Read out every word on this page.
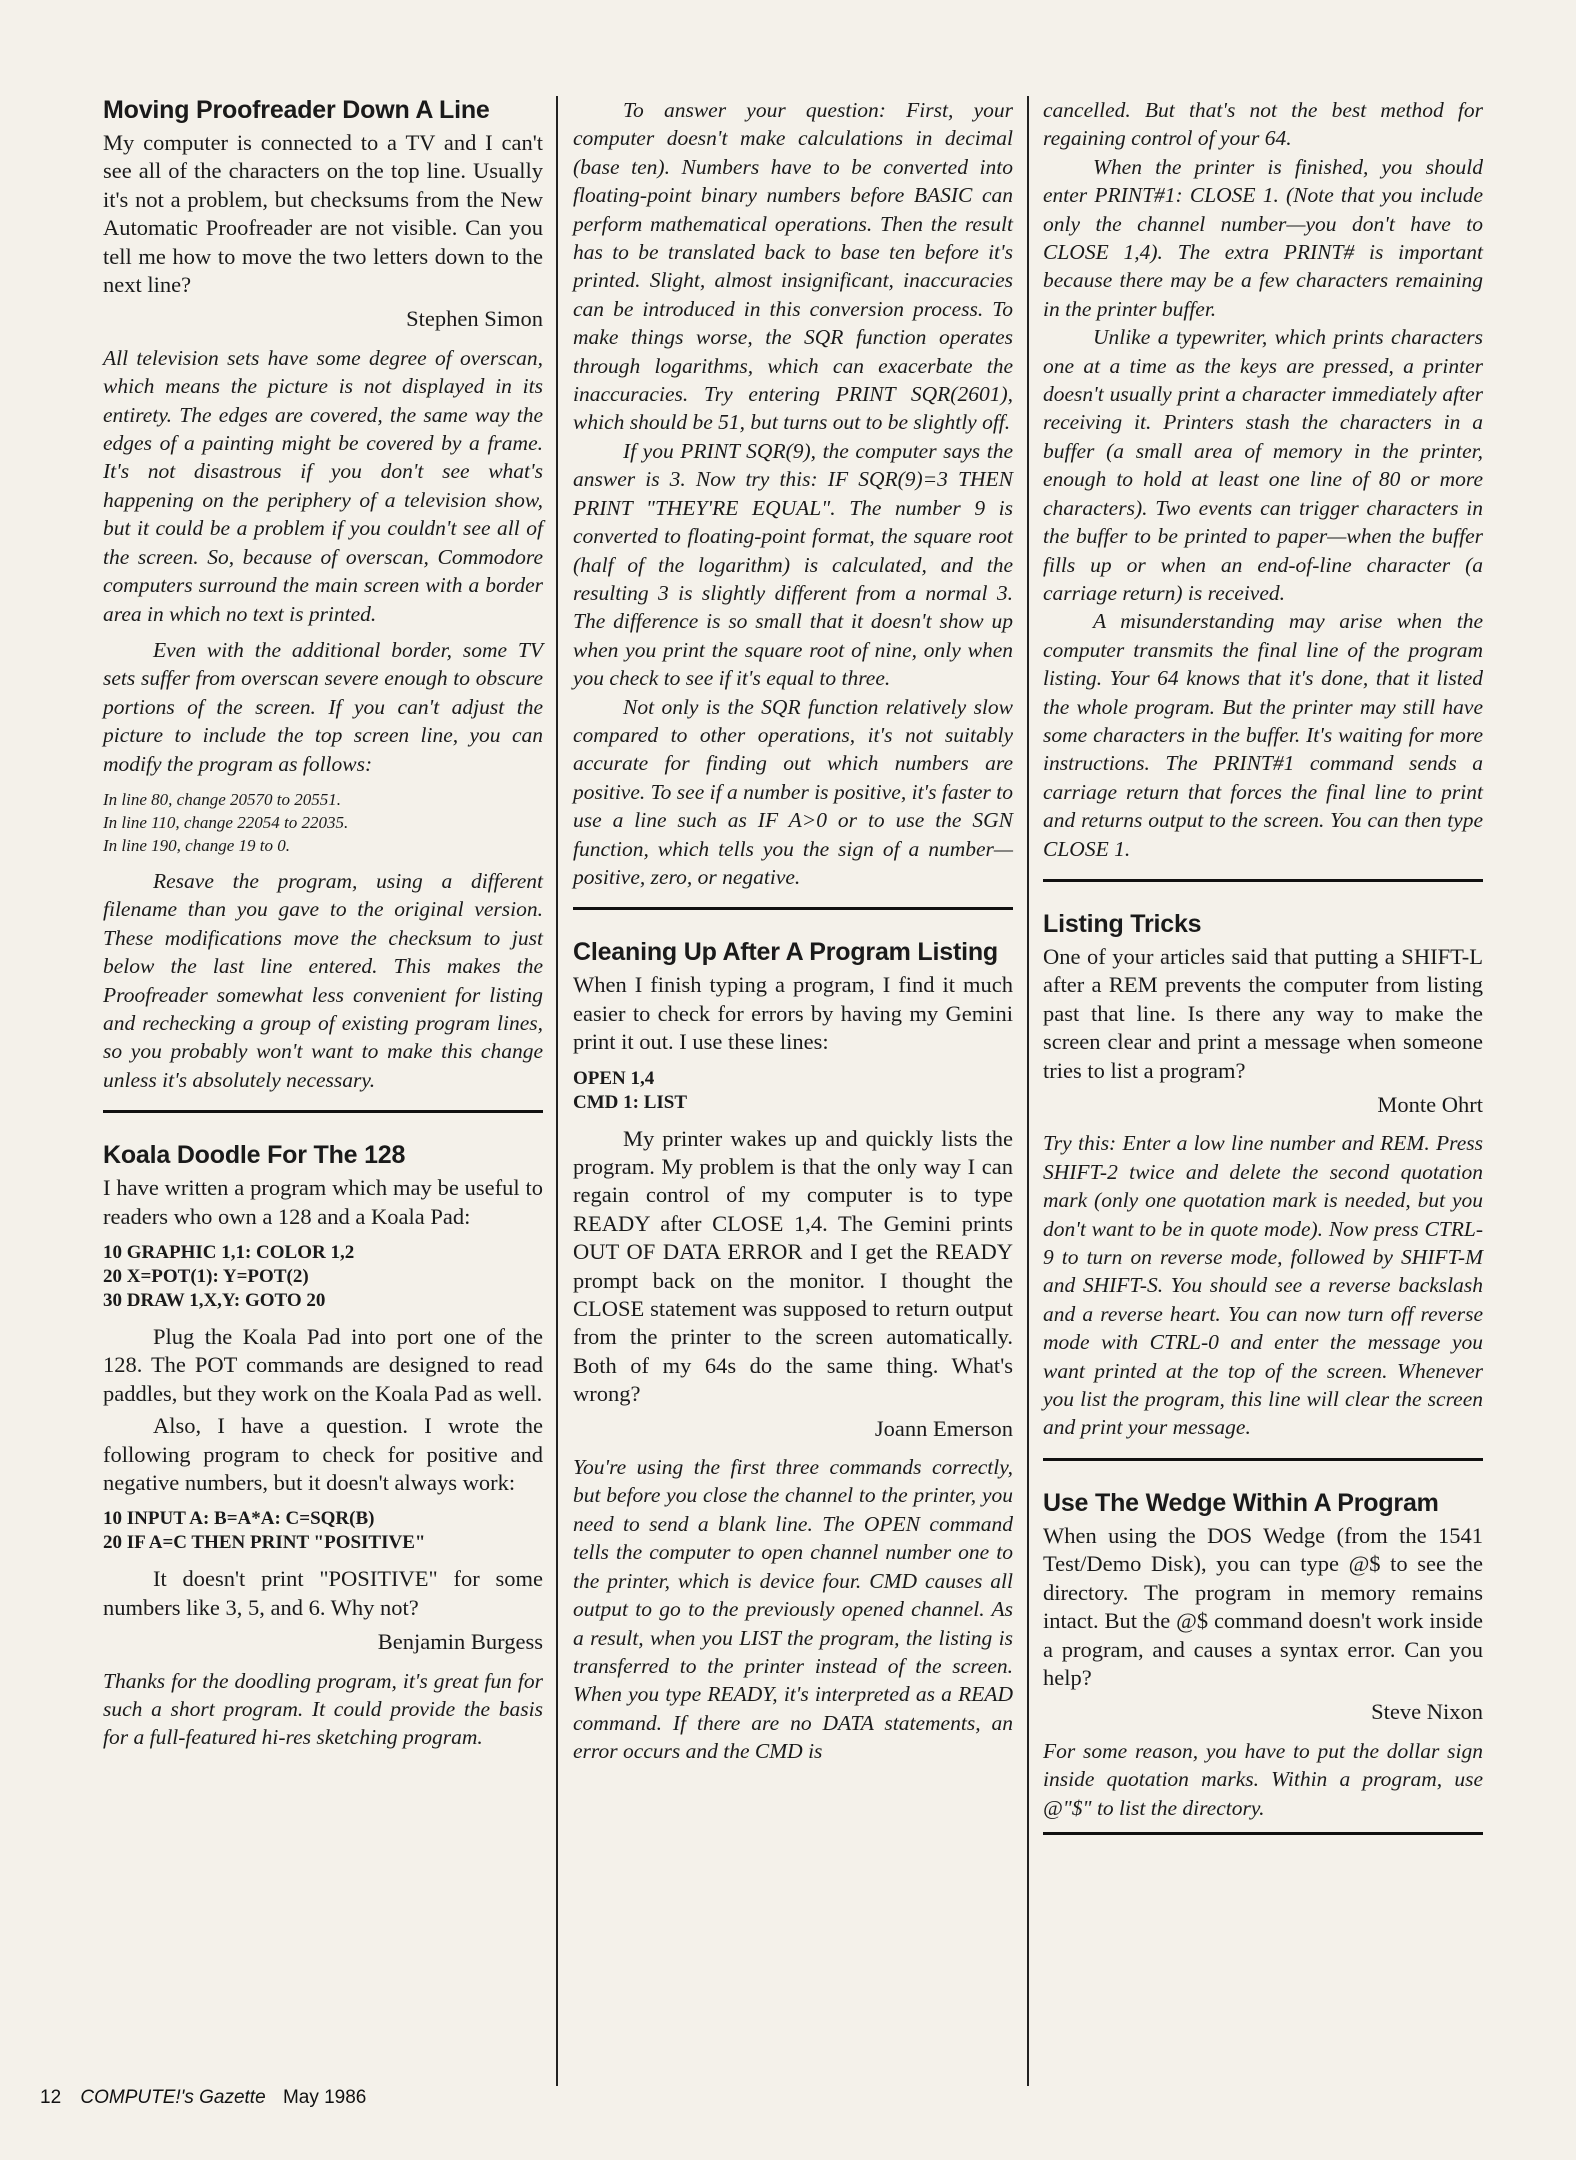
Moving Proofreader Down A Line

My computer is connected to a TV and I can't see all of the characters on the top line. Usually it's not a problem, but checksums from the New Automatic Proofreader are not visible. Can you tell me how to move the two letters down to the next line?

Stephen Simon

All television sets have some degree of overscan, which means the picture is not displayed in its entirety. The edges are covered, the same way the edges of a painting might be covered by a frame. It's not disastrous if you don't see what's happening on the periphery of a television show, but it could be a problem if you couldn't see all of the screen. So, because of overscan, Commodore computers surround the main screen with a border area in which no text is printed.

Even with the additional border, some TV sets suffer from overscan severe enough to obscure portions of the screen. If you can't adjust the picture to include the top screen line, you can modify the program as follows:

In line 80, change 20570 to 20551.
In line 110, change 22054 to 22035.
In line 190, change 19 to 0.

Resave the program, using a different filename than you gave to the original version. These modifications move the checksum to just below the last line entered. This makes the Proofreader somewhat less convenient for listing and rechecking a group of existing program lines, so you probably won't want to make this change unless it's absolutely necessary.

Koala Doodle For The 128

I have written a program which may be useful to readers who own a 128 and a Koala Pad:

10 GRAPHIC 1,1: COLOR 1,2
20 X=POT(1): Y=POT(2)
30 DRAW 1,X,Y: GOTO 20

Plug the Koala Pad into port one of the 128. The POT commands are designed to read paddles, but they work on the Koala Pad as well.

Also, I have a question. I wrote the following program to check for positive and negative numbers, but it doesn't always work:

10 INPUT A: B=A*A: C=SQR(B)
20 IF A=C THEN PRINT "POSITIVE"

It doesn't print "POSITIVE" for some numbers like 3, 5, and 6. Why not?

Benjamin Burgess

Thanks for the doodling program, it's great fun for such a short program. It could provide the basis for a full-featured hi-res sketching program.

To answer your question: First, your computer doesn't make calculations in decimal (base ten). Numbers have to be converted into floating-point binary numbers before BASIC can perform mathematical operations. Then the result has to be translated back to base ten before it's printed. Slight, almost insignificant, inaccuracies can be introduced in this conversion process. To make things worse, the SQR function operates through logarithms, which can exacerbate the inaccuracies. Try entering PRINT SQR(2601), which should be 51, but turns out to be slightly off.

If you PRINT SQR(9), the computer says the answer is 3. Now try this: IF SQR(9)=3 THEN PRINT "THEY'RE EQUAL". The number 9 is converted to floating-point format, the square root (half of the logarithm) is calculated, and the resulting 3 is slightly different from a normal 3. The difference is so small that it doesn't show up when you print the square root of nine, only when you check to see if it's equal to three.

Not only is the SQR function relatively slow compared to other operations, it's not suitably accurate for finding out which numbers are positive. To see if a number is positive, it's faster to use a line such as IF A>0 or to use the SGN function, which tells you the sign of a number—positive, zero, or negative.

Cleaning Up After A Program Listing

When I finish typing a program, I find it much easier to check for errors by having my Gemini print it out. I use these lines:

OPEN 1,4
CMD 1: LIST

My printer wakes up and quickly lists the program. My problem is that the only way I can regain control of my computer is to type READY after CLOSE 1,4. The Gemini prints OUT OF DATA ERROR and I get the READY prompt back on the monitor. I thought the CLOSE statement was supposed to return output from the printer to the screen automatically. Both of my 64s do the same thing. What's wrong?

Joann Emerson

You're using the first three commands correctly, but before you close the channel to the printer, you need to send a blank line. The OPEN command tells the computer to open channel number one to the printer, which is device four. CMD causes all output to go to the previously opened channel. As a result, when you LIST the program, the listing is transferred to the printer instead of the screen. When you type READY, it's interpreted as a READ command. If there are no DATA statements, an error occurs and the CMD is

cancelled. But that's not the best method for regaining control of your 64.

When the printer is finished, you should enter PRINT#1: CLOSE 1. (Note that you include only the channel number—you don't have to CLOSE 1,4). The extra PRINT# is important because there may be a few characters remaining in the printer buffer.

Unlike a typewriter, which prints characters one at a time as the keys are pressed, a printer doesn't usually print a character immediately after receiving it. Printers stash the characters in a buffer (a small area of memory in the printer, enough to hold at least one line of 80 or more characters). Two events can trigger characters in the buffer to be printed to paper—when the buffer fills up or when an end-of-line character (a carriage return) is received.

A misunderstanding may arise when the computer transmits the final line of the program listing. Your 64 knows that it's done, that it listed the whole program. But the printer may still have some characters in the buffer. It's waiting for more instructions. The PRINT#1 command sends a carriage return that forces the final line to print and returns output to the screen. You can then type CLOSE 1.

Listing Tricks

One of your articles said that putting a SHIFT-L after a REM prevents the computer from listing past that line. Is there any way to make the screen clear and print a message when someone tries to list a program?

Monte Ohrt

Try this: Enter a low line number and REM. Press SHIFT-2 twice and delete the second quotation mark (only one quotation mark is needed, but you don't want to be in quote mode). Now press CTRL-9 to turn on reverse mode, followed by SHIFT-M and SHIFT-S. You should see a reverse backslash and a reverse heart. You can now turn off reverse mode with CTRL-0 and enter the message you want printed at the top of the screen. Whenever you list the program, this line will clear the screen and print your message.

Use The Wedge Within A Program

When using the DOS Wedge (from the 1541 Test/Demo Disk), you can type @$ to see the directory. The program in memory remains intact. But the @$ command doesn't work inside a program, and causes a syntax error. Can you help?

Steve Nixon

For some reason, you have to put the dollar sign inside quotation marks. Within a program, use @"$" to list the directory.

12 COMPUTE!'s Gazette May 1986
